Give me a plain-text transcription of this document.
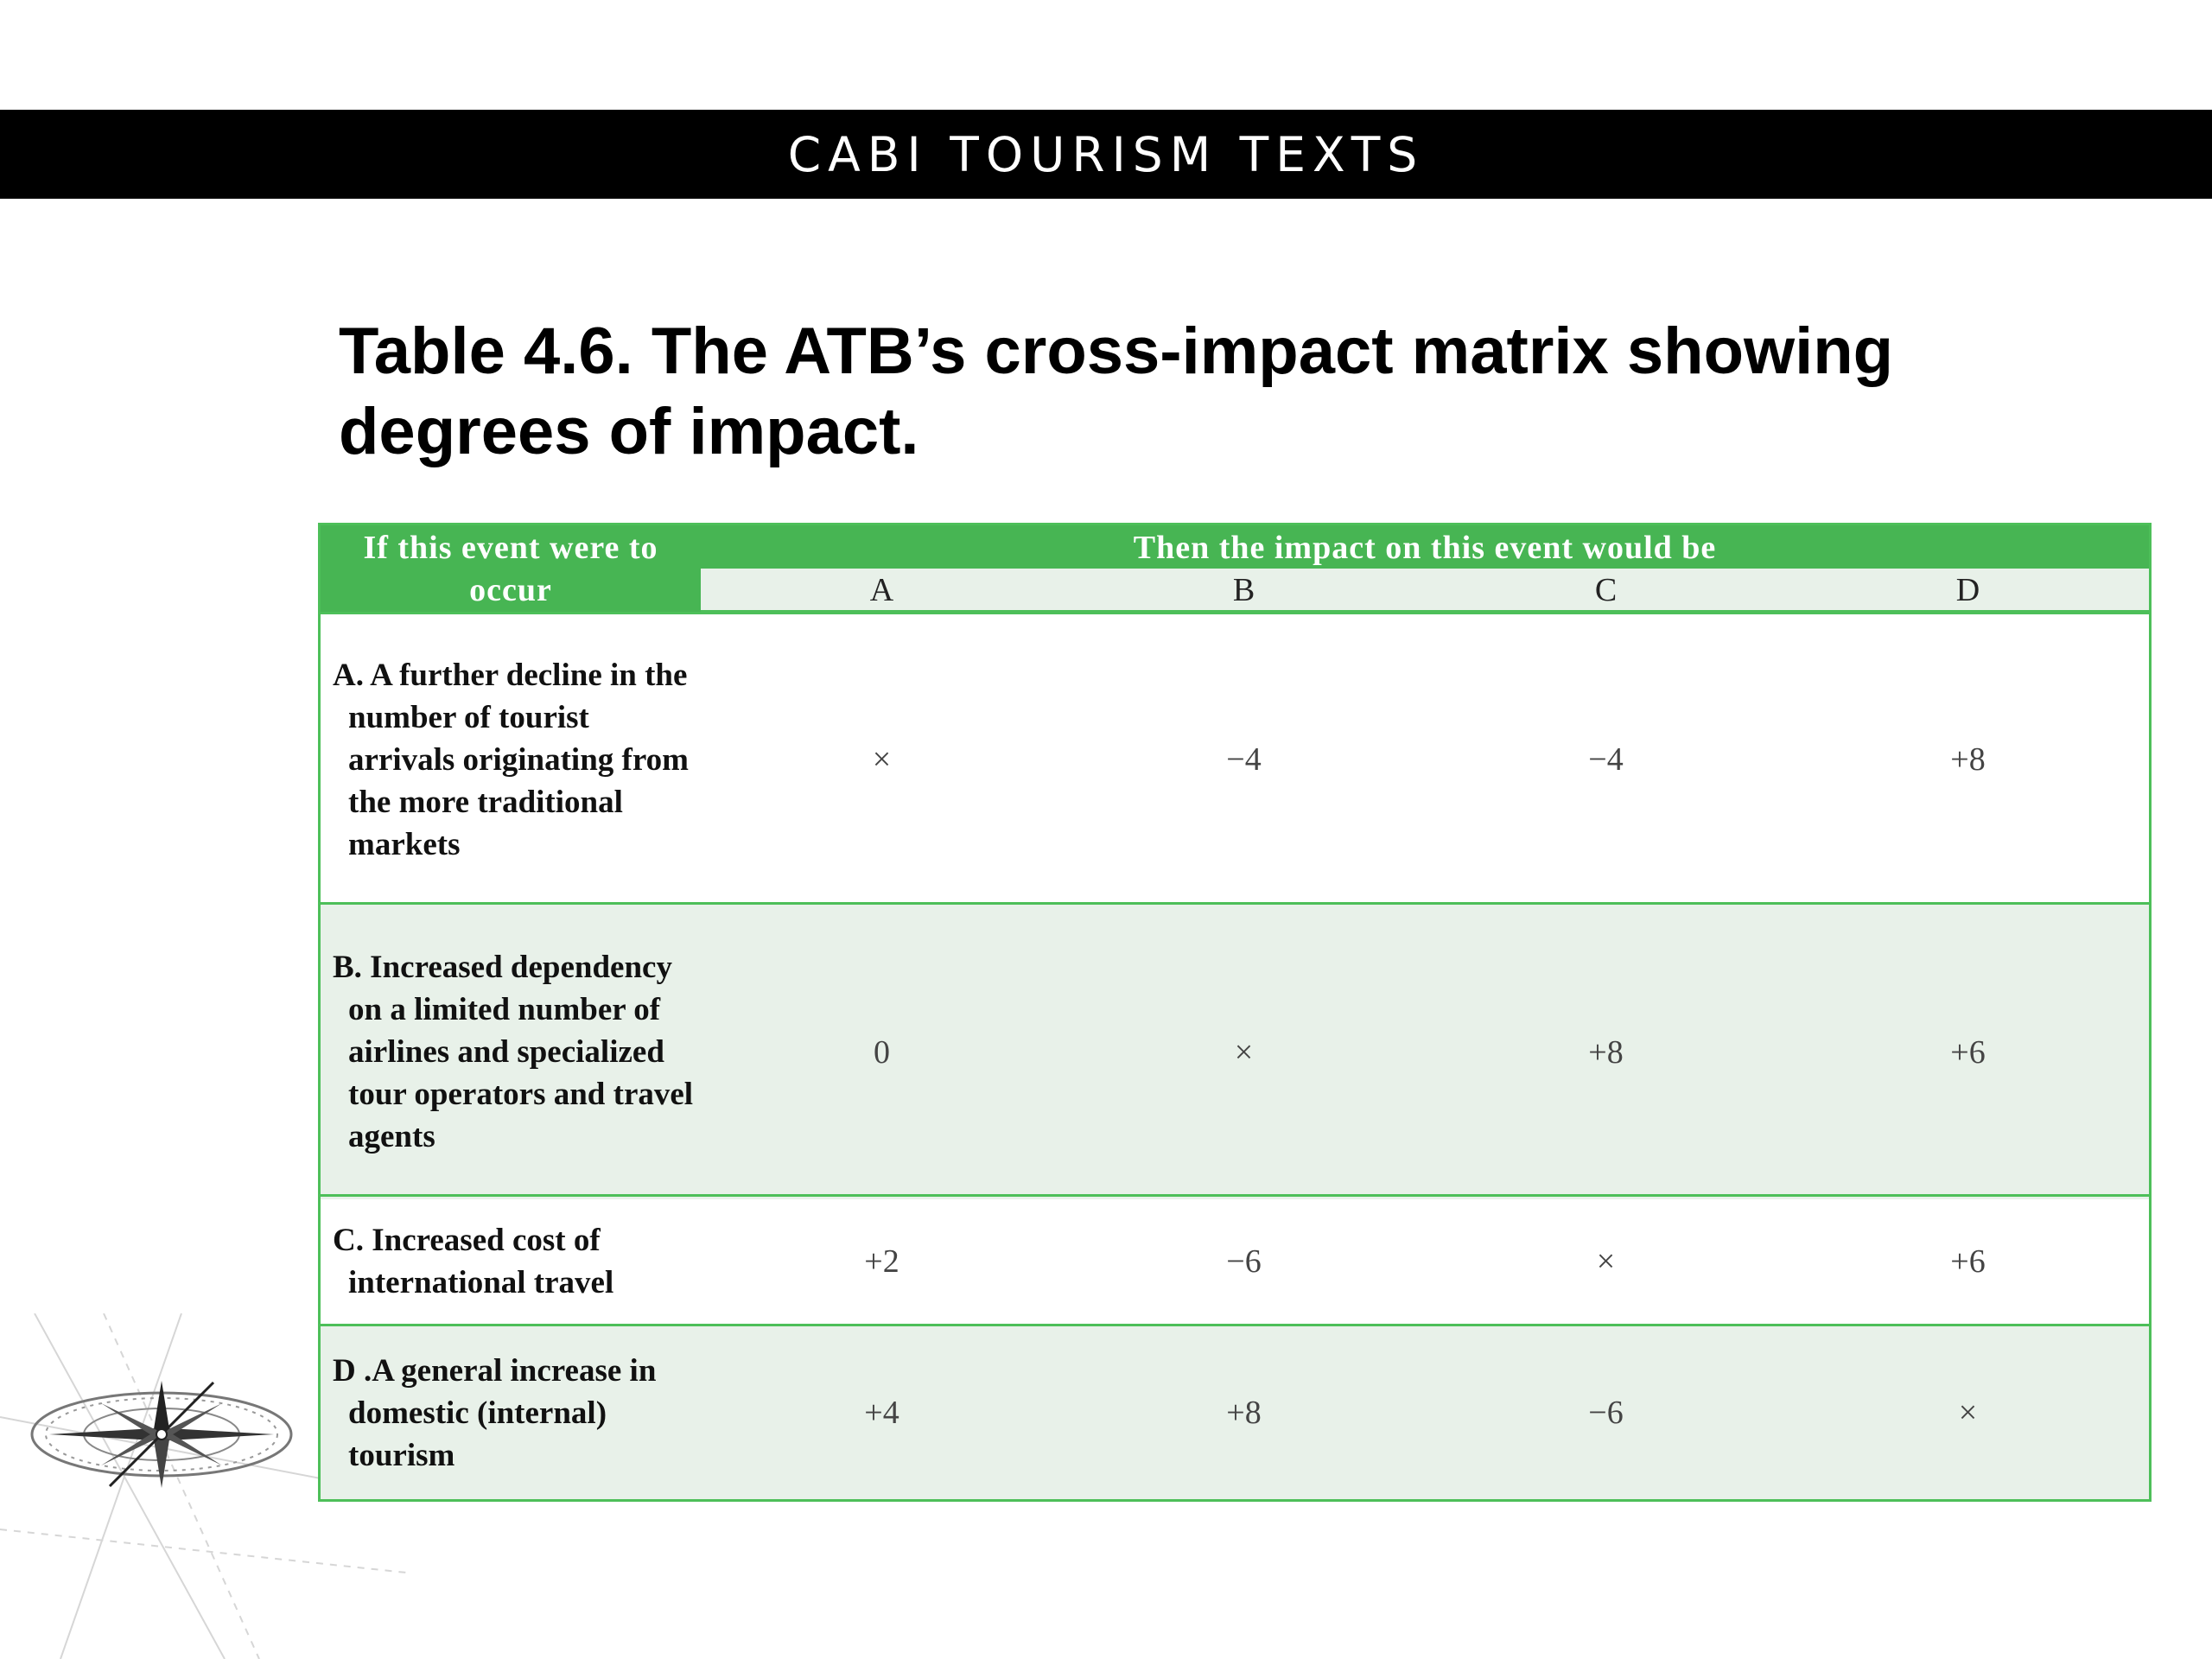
CABI TOURISM TEXTS
Table 4.6. The ATB’s cross-impact matrix showing degrees of impact.
If this event were to occur
Then the impact on this event would be
A	B	C	D
A. A further decline in the number of tourist arrivals originating from the more traditional markets
×	−4	−4	+8
B. Increased dependency on a limited number of airlines and specialized tour operators and travel agents
0	×	+8	+6
C. Increased cost of international travel
+2	−6	×	+6
D .A general increase in domestic (internal) tourism
+4	+8	−6	×
